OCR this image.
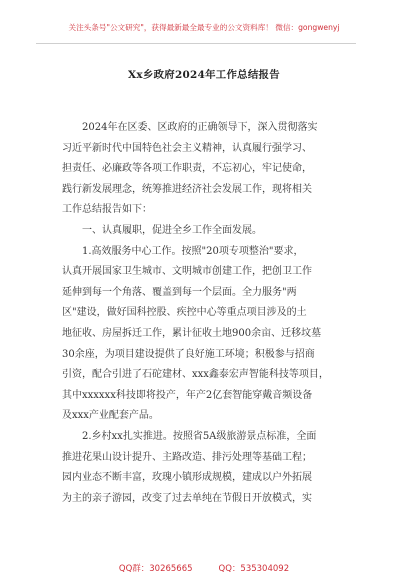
关注头条号"公文研究"，获得最新最全最专业的公文资料库！ 微信：gongwenyj
Xx乡政府2024年工作总结报告
2024年在区委、区政府的正确领导下，深入贯彻落实
习近平新时代中国特色社会主义精神，认真履行强学习、
担责任、必廉政等各项工作职责，不忘初心，牢记使命，
践行新发展理念，统筹推进经济社会发展工作，现将相关
工作总结报告如下：
一、认真履职，促进全乡工作全面发展。
1.高效服务中心工作。按照"20项专项整治"要求，
认真开展国家卫生城市、文明城市创建工作，把创卫工作
延伸到每一个角落、覆盖到每一个层面。全力服务"两
区"建设，做好国科控股、疾控中心等重点项目涉及的土
地征收、房屋拆迁工作，累计征收土地900余亩、迁移坟墓
30余座，为项目建设提供了良好施工环境；积极参与招商
引资，配合引进了石砣建材、xxx鑫泰宏声智能科技等项目，
其中xxxxxx科技即将投产，年产2亿套智能穿戴音频设备
及xxx产业配套产品。
2.乡村xx扎实推进。按照省5A级旅游景点标准，全面
推进花果山设计提升、主路改造、排污处理等基础工程；
园内业态不断丰富，玫瑰小镇形成规模，建成以户外拓展
为主的亲子游园，改变了过去单纯在节假日开放模式，实
QQ群：30265665	QQ：535304092
